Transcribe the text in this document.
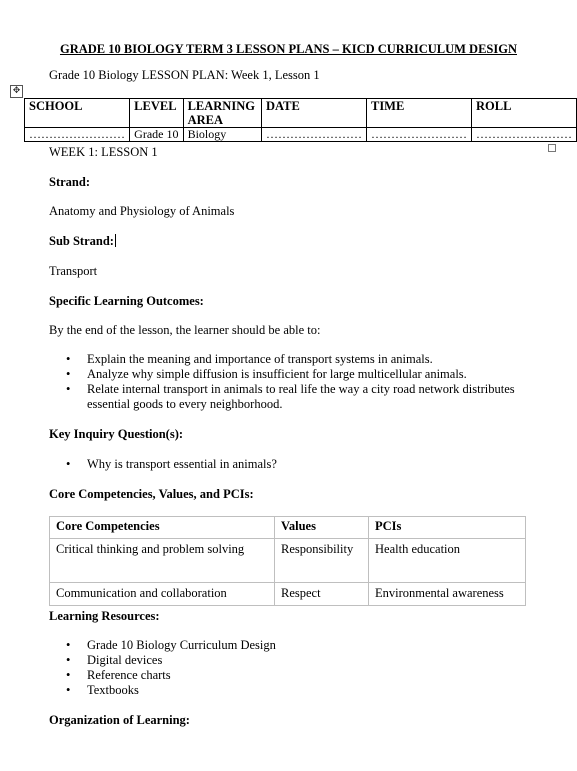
GRADE 10 BIOLOGY TERM 3 LESSON PLANS – KICD CURRICULUM DESIGN
Grade 10 Biology LESSON PLAN: Week 1, Lesson 1
✥
SCHOOL	LEVEL	LEARNING AREA	DATE	TIME	ROLL
……………………	Grade 10	Biology	……………………	……………………	……………………
WEEK 1: LESSON 1
Strand:
Anatomy and Physiology of Animals
Sub Strand:
Transport
Specific Learning Outcomes:
By the end of the lesson, the learner should be able to:
• Explain the meaning and importance of transport systems in animals.
• Analyze why simple diffusion is insufficient for large multicellular animals.
• Relate internal transport in animals to real life the way a city road network distributes essential goods to every neighborhood.
Key Inquiry Question(s):
• Why is transport essential in animals?
Core Competencies, Values, and PCIs:
Core Competencies	Values	PCIs
Critical thinking and problem solving	Responsibility	Health education
Communication and collaboration	Respect	Environmental awareness
Learning Resources:
• Grade 10 Biology Curriculum Design
• Digital devices
• Reference charts
• Textbooks
Organization of Learning:
